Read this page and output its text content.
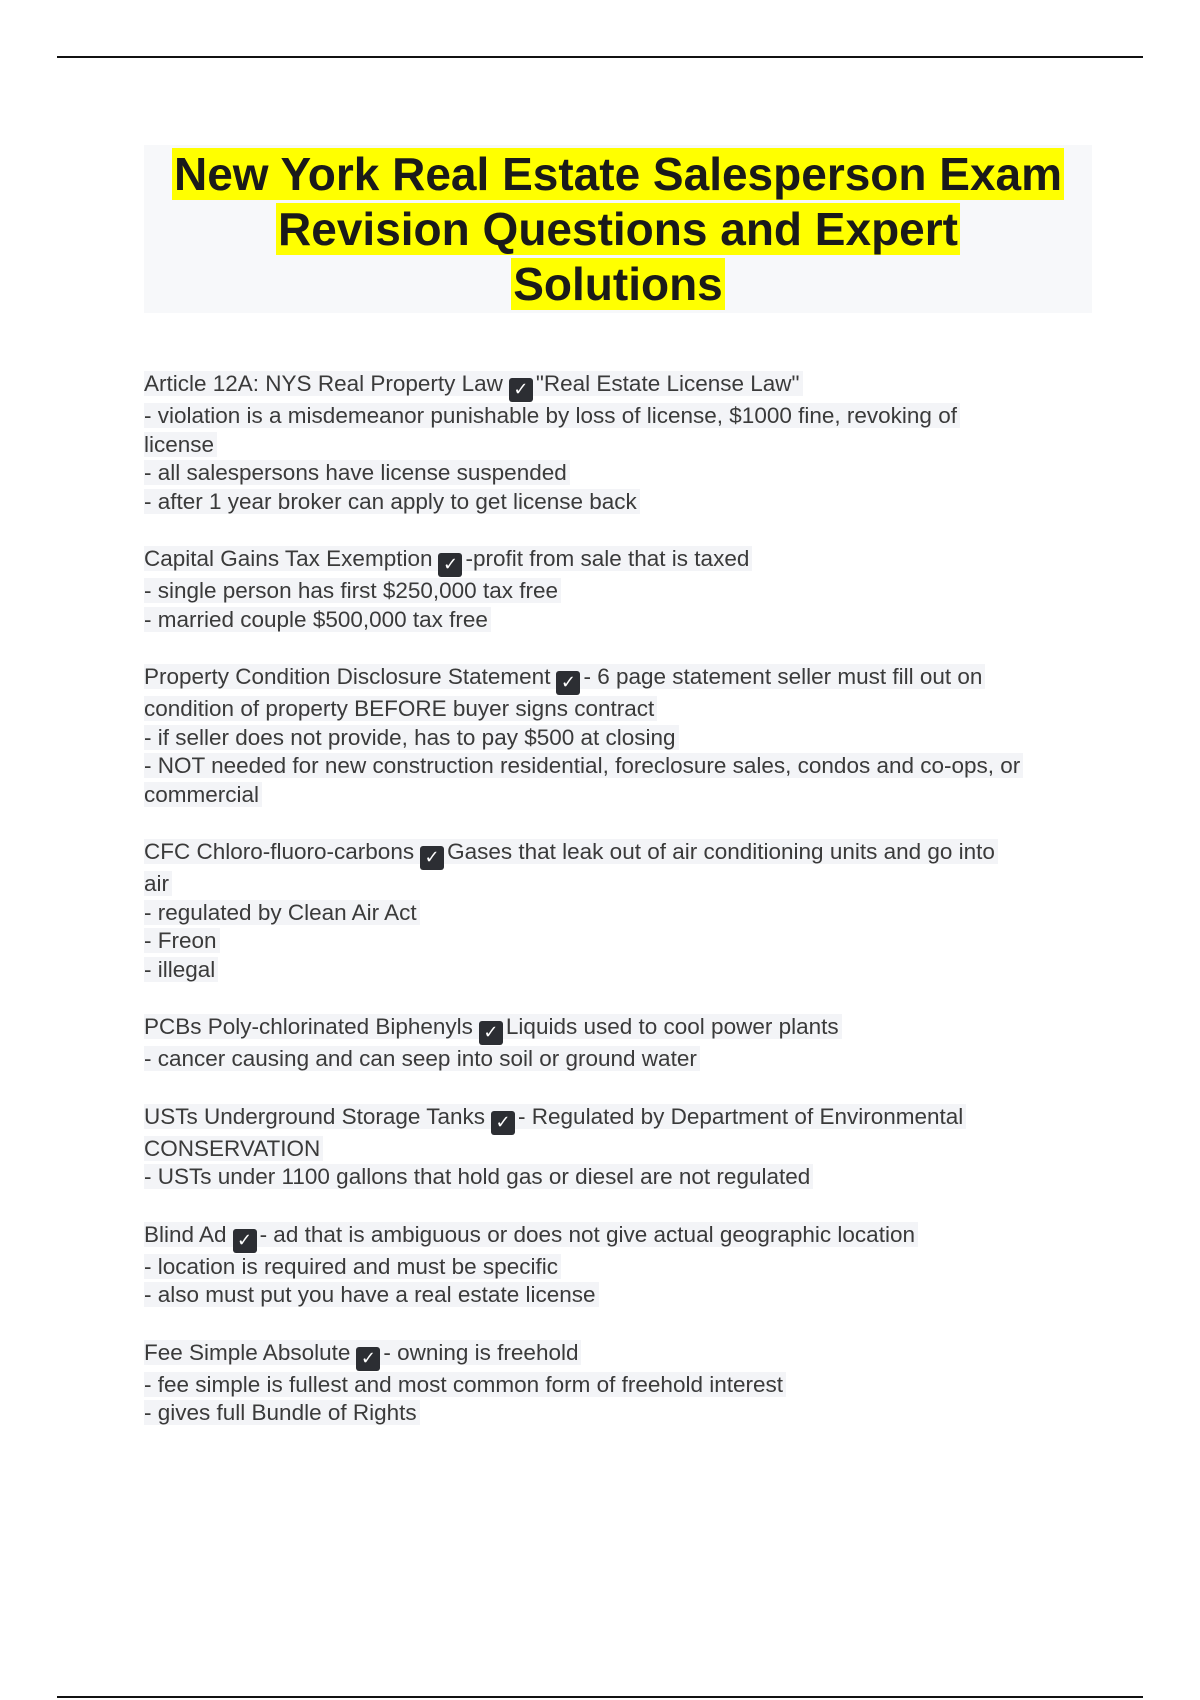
New York Real Estate Salesperson Exam
Revision Questions and Expert
Solutions
Article 12A: NYS Real Property Law ✓ "Real Estate License Law"
- violation is a misdemeanor punishable by loss of license, $1000 fine, revoking of
license
- all salespersons have license suspended
- after 1 year broker can apply to get license back
Capital Gains Tax Exemption ✓ -profit from sale that is taxed
- single person has first $250,000 tax free
- married couple $500,000 tax free
Property Condition Disclosure Statement ✓ - 6 page statement seller must fill out on
condition of property BEFORE buyer signs contract
- if seller does not provide, has to pay $500 at closing
- NOT needed for new construction residential, foreclosure sales, condos and co-ops, or
commercial
CFC Chloro-fluoro-carbons ✓ Gases that leak out of air conditioning units and go into
air
- regulated by Clean Air Act
- Freon
- illegal
PCBs Poly-chlorinated Biphenyls ✓ Liquids used to cool power plants
- cancer causing and can seep into soil or ground water
USTs Underground Storage Tanks ✓ - Regulated by Department of Environmental
CONSERVATION
- USTs under 1100 gallons that hold gas or diesel are not regulated
Blind Ad ✓ - ad that is ambiguous or does not give actual geographic location
- location is required and must be specific
- also must put you have a real estate license
Fee Simple Absolute ✓ - owning is freehold
- fee simple is fullest and most common form of freehold interest
- gives full Bundle of Rights
